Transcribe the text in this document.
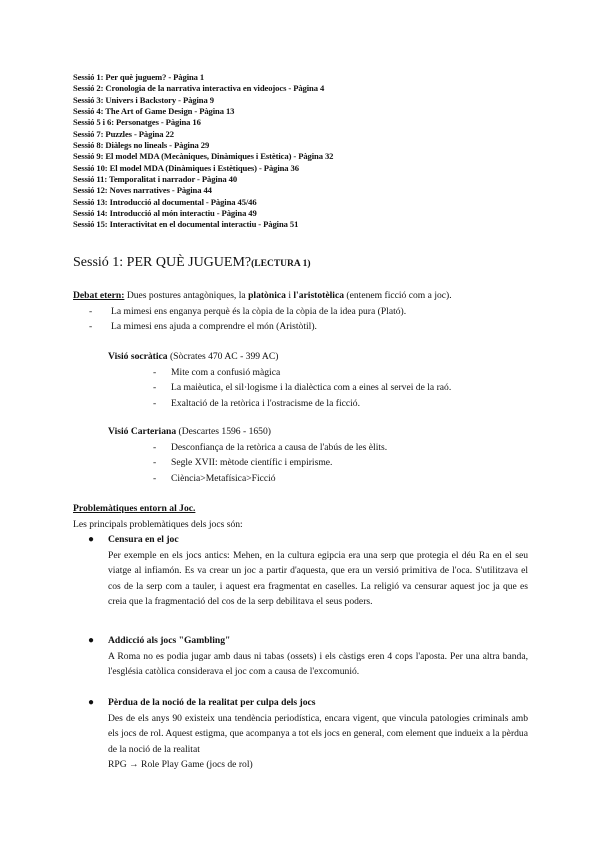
Sessió 1: Per què juguem? - Pàgina 1
Sessió 2: Cronologia de la narrativa interactiva en videojocs - Pàgina 4
Sessió 3: Univers i Backstory - Pàgina 9
Sessió 4: The Art of Game Design - Pàgina 13
Sessió 5 i 6: Personatges - Pàgina 16
Sessió 7: Puzzles - Pàgina 22
Sessió 8: Diàlegs no lineals - Pàgina 29
Sessió 9: El model MDA (Mecàniques, Dinàmiques i Estètica) - Pàgina 32
Sessió 10: El model MDA (Dinàmiques i Estètiques) - Pàgina 36
Sessió 11: Temporalitat i narrador - Pàgina 40
Sessió 12: Noves narratives - Pàgina 44
Sessió 13: Introducció al documental - Pàgina 45/46
Sessió 14: Introducció al món interactiu - Pàgina 49
Sessió 15: Interactivitat en el documental interactiu - Pàgina 51
Sessió 1: PER QUÈ JUGUEM?(LECTURA 1)
Debat etern: Dues postures antagòniques, la platònica i l'aristotèlica (entenem ficció com a joc).
- La mimesi ens enganya perquè és la còpia de la còpia de la idea pura (Plató).
- La mimesi ens ajuda a comprendre el món (Aristòtil).
Visió socràtica (Sòcrates 470 AC - 399 AC)
- Mite com a confusió màgica
- La maièutica, el sil·logisme i la dialèctica com a eines al servei de la raó.
- Exaltació de la retòrica i l'ostracisme de la ficció.
Visió Carteriana (Descartes 1596 - 1650)
- Desconfiança de la retòrica a causa de l'abús de les èlits.
- Segle XVII: mètode científic i empirisme.
- Ciència>Metafísica>Ficció
Problemàtiques entorn al Joc.
Les principals problemàtiques dels jocs són:
●	Censura en el joc
Per exemple en els jocs antics: Mehen, en la cultura egipcia era una serp que protegia el déu Ra en el seu viatge al infiamón. Es va crear un joc a partir d'aquesta, que era un versió primitiva de l'oca. S'utilitzava el cos de la serp com a tauler, i aquest era fragmentat en caselles. La religió va censurar aquest joc ja que es creia que la fragmentació del cos de la serp debilitava el seus poders.
●	Addicció als jocs "Gambling"
A Roma no es podia jugar amb daus ni tabas (ossets) i els càstigs eren 4 cops l'aposta. Per una altra banda, l'església catòlica considerava el joc com a causa de l'excomunió.
●	Pèrdua de la noció de la realitat per culpa dels jocs
Des de els anys 90 existeix una tendència periodística, encara vigent, que vincula patologies criminals amb els jocs de rol. Aquest estigma, que acompanya a tot els jocs en general, com element que indueix a la pèrdua de la noció de la realitat
RPG → Role Play Game (jocs de rol)
